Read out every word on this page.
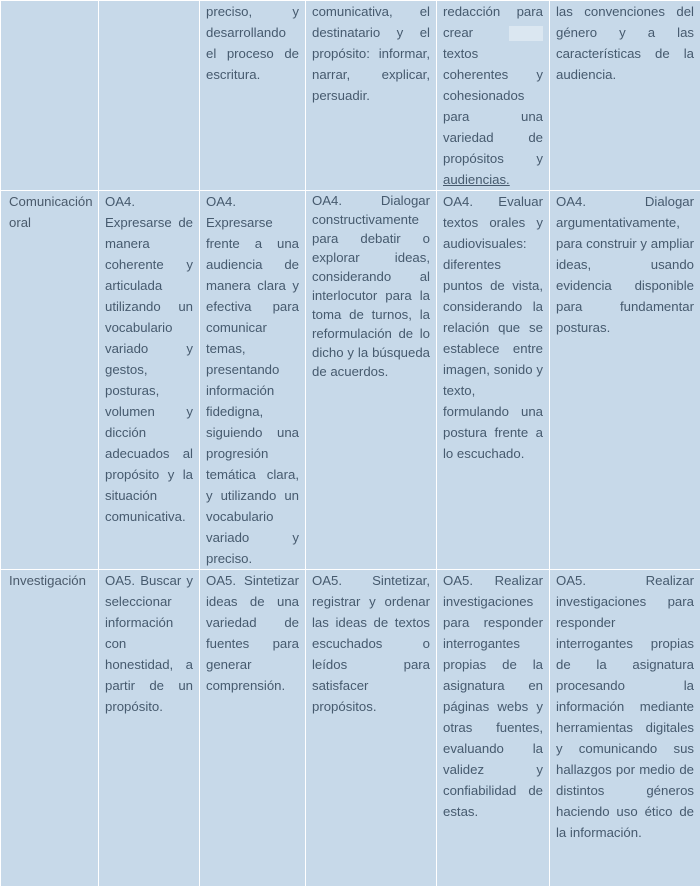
		preciso, y desarrollando el proceso de escritura.	comunicativa, el destinatario y el propósito: informar, narrar, explicar, persuadir.	redacción para crear  textos coherentes y cohesionados para una variedad de propósitos y audiencias.	las convenciones del género y a las características de la audiencia.

Comunicación oral	OA4. Expresarse de manera coherente y articulada utilizando un vocabulario variado y gestos, posturas, volumen y dicción adecuados al propósito y la situación comunicativa.	OA4. Expresarse frente a una audiencia de manera clara y efectiva para comunicar temas, presentando información fidedigna, siguiendo una progresión temática clara, y utilizando un vocabulario variado y preciso.	OA4. Dialogar constructivamente para debatir o explorar ideas, considerando al interlocutor para la toma de turnos, la reformulación de lo dicho y la búsqueda de acuerdos.	OA4. Evaluar textos orales y audiovisuales: diferentes puntos de vista, considerando la relación que se establece entre imagen, sonido y texto, formulando una postura frente a lo escuchado.	OA4. Dialogar argumentativamente, para construir y ampliar ideas, usando evidencia disponible para fundamentar posturas.
Investigación	OA5. Buscar y seleccionar información con honestidad, a partir de un propósito.	OA5. Sintetizar ideas de una variedad de fuentes para generar comprensión.	OA5. Sintetizar, registrar y ordenar las ideas de textos escuchados o leídos para satisfacer propósitos.	OA5. Realizar investigaciones para responder interrogantes propias de la asignatura en páginas webs y otras fuentes, evaluando la validez y confiabilidad de estas.	OA5. Realizar investigaciones para responder interrogantes propias de la asignatura procesando la información mediante herramientas digitales y comunicando sus hallazgos por medio de distintos géneros haciendo uso ético de la información.
